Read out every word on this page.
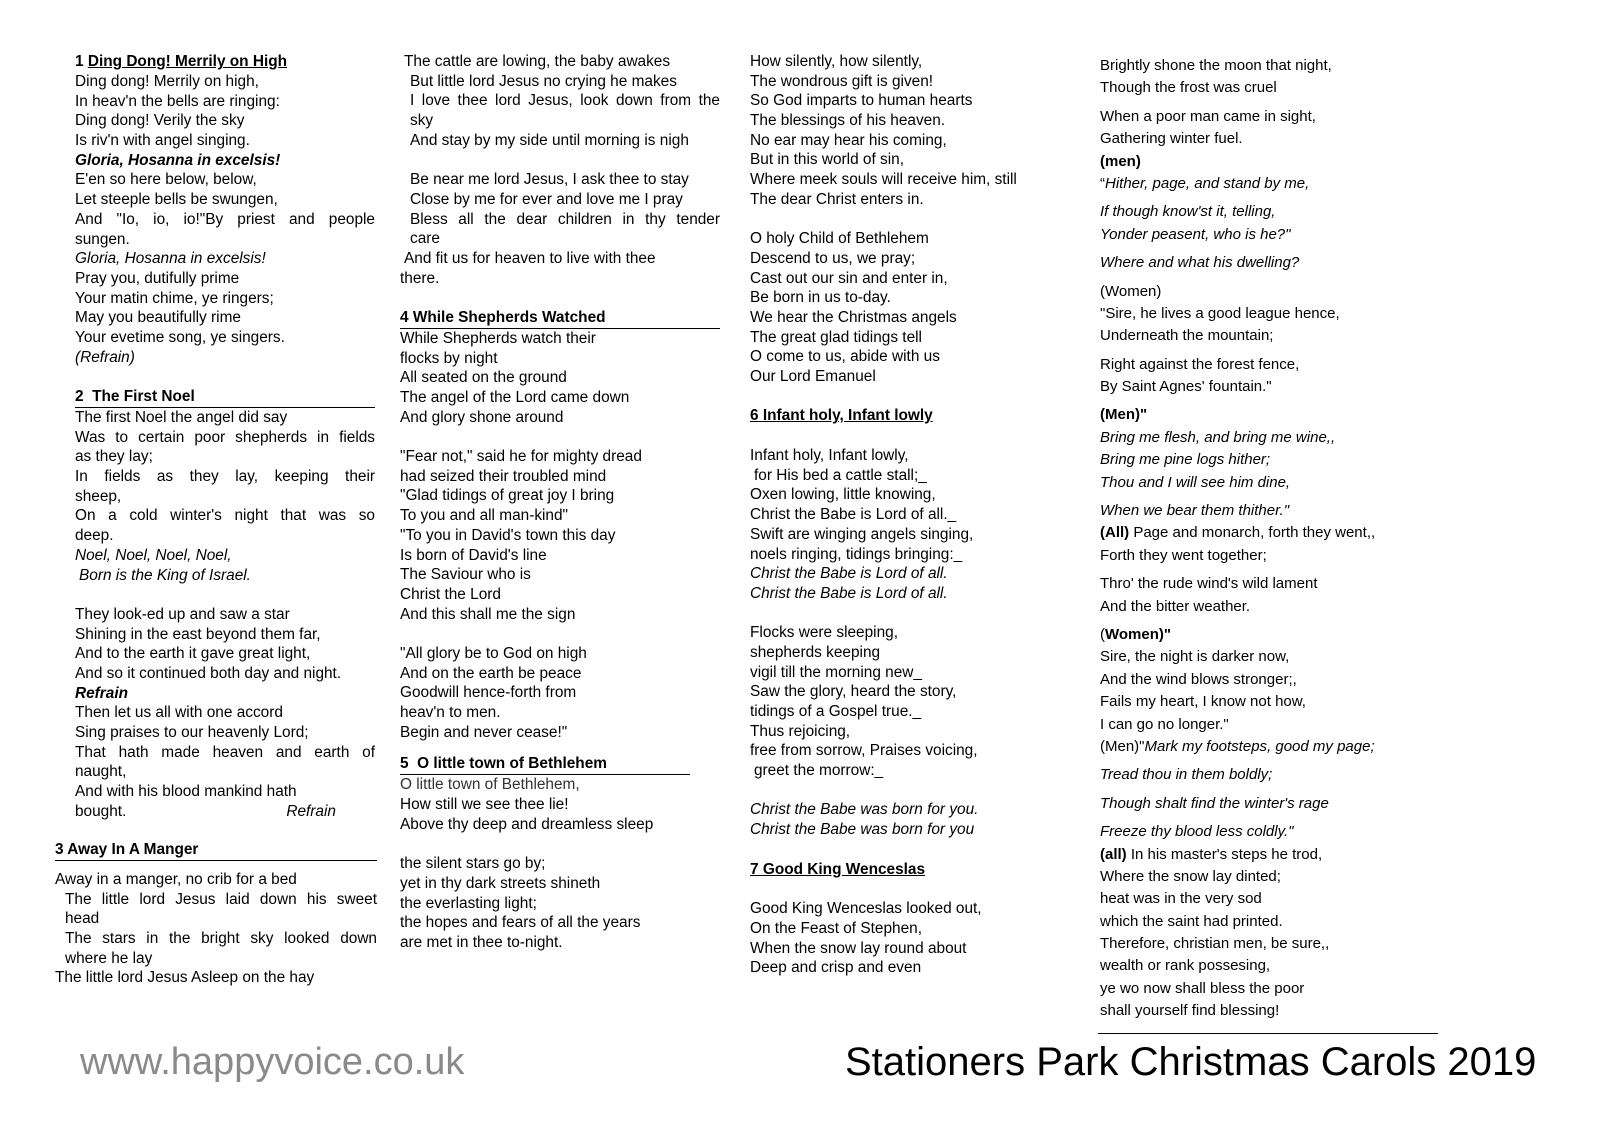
1 Ding Dong! Merrily on High
Ding dong! Merrily on high,
In heav'n the bells are ringing:
Ding dong! Verily the sky
Is riv'n with angel singing.
Gloria, Hosanna in excelsis!
E'en so here below, below,
Let steeple bells be swungen,
And "Io, io, io!"By priest and people
sungen.
Gloria, Hosanna in excelsis!
Pray you, dutifully prime
Your matin chime, ye ringers;
May you beautifully rime
Your evetime song, ye singers.
(Refrain)
2 The First Noel
The first Noel the angel did say
Was to certain poor shepherds in fields
as they lay;
In fields as they lay, keeping their
sheep,
On a cold winter's night that was so
deep.
Noel, Noel, Noel, Noel,
Born is the King of Israel.
They look-ed up and saw a star
Shining in the east beyond them far,
And to the earth it gave great light,
And so it continued both day and night.
Refrain
Then let us all with one accord
Sing praises to our heavenly Lord;
That hath made heaven and earth of
naught,
And with his blood mankind hath
bought.	Refrain
3 Away In A Manger
Away in a manger, no crib for a bed
The little lord Jesus laid down his sweet
head
The stars in the bright sky looked down
where he lay
The little lord Jesus Asleep on the hay
The cattle are lowing, the baby awakes
But little lord Jesus no crying he makes
I love thee lord Jesus, look down from the
sky
And stay by my side until morning is nigh
Be near me lord Jesus, I ask thee to stay
Close by me for ever and love me I pray
Bless all the dear children in thy tender
care
And fit us for heaven to live with thee
there.
4 While Shepherds Watched
While Shepherds watch their
flocks by night
All seated on the ground
The angel of the Lord came down
And glory shone around
"Fear not," said he for mighty dread
had seized their troubled mind
"Glad tidings of great joy I bring
To you and all man-kind"
"To you in David's town this day
Is born of David's line
The Saviour who is
Christ the Lord
And this shall me the sign
"All glory be to God on high
And on the earth be peace
Goodwill hence-forth from
heav'n to men.
Begin and never cease!"
5 O little town of Bethlehem
O little town of Bethlehem,
How still we see thee lie!
Above thy deep and dreamless sleep
the silent stars go by;
yet in thy dark streets shineth
the everlasting light;
the hopes and fears of all the years
are met in thee to-night.
How silently, how silently,
The wondrous gift is given!
So God imparts to human hearts
The blessings of his heaven.
No ear may hear his coming,
But in this world of sin,
Where meek souls will receive him, still
The dear Christ enters in.
O holy Child of Bethlehem
Descend to us, we pray;
Cast out our sin and enter in,
Be born in us to-day.
We hear the Christmas angels
The great glad tidings tell
O come to us, abide with us
Our Lord Emanuel
6 Infant holy, Infant lowly
Infant holy, Infant lowly,
for His bed a cattle stall;_
Oxen lowing, little knowing,
Christ the Babe is Lord of all._
Swift are winging angels singing,
noels ringing, tidings bringing:_
Christ the Babe is Lord of all.
Christ the Babe is Lord of all.
Flocks were sleeping,
shepherds keeping
vigil till the morning new_
Saw the glory, heard the story,
tidings of a Gospel true._
Thus rejoicing,
free from sorrow, Praises voicing,
greet the morrow:_
Christ the Babe was born for you.
Christ the Babe was born for you
7 Good King Wenceslas
Good King Wenceslas looked out,
On the Feast of Stephen,
When the snow lay round about
Deep and crisp and even
Brightly shone the moon that night,
Though the frost was cruel
When a poor man came in sight,
Gathering winter fuel.
(men)
“Hither, page, and stand by me,
If though know'st it, telling,
Yonder peasent, who is he?"
Where and what his dwelling?
(Women)
"Sire, he lives a good league hence,
Underneath the mountain;
Right against the forest fence,
By Saint Agnes' fountain."
(Men)"
Bring me flesh, and bring me wine,,
Bring me pine logs hither;
Thou and I will see him dine,
When we bear them thither."
(All) Page and monarch, forth they went,,
Forth they went together;
Thro' the rude wind's wild lament
And the bitter weather.
(Women)"
Sire, the night is darker now,
And the wind blows stronger;,
Fails my heart, I know not how,
I can go no longer."
(Men)"Mark my footsteps, good my page;
Tread thou in them boldly;
Though shalt find the winter's rage
Freeze thy blood less coldly."
(all) In his master's steps he trod,
Where the snow lay dinted;
heat was in the very sod
which the saint had printed.
Therefore, christian men, be sure,,
wealth or rank possesing,
ye wo now shall bless the poor
shall yourself find blessing!
www.happyvoice.co.uk	Stationers Park Christmas Carols 2019
